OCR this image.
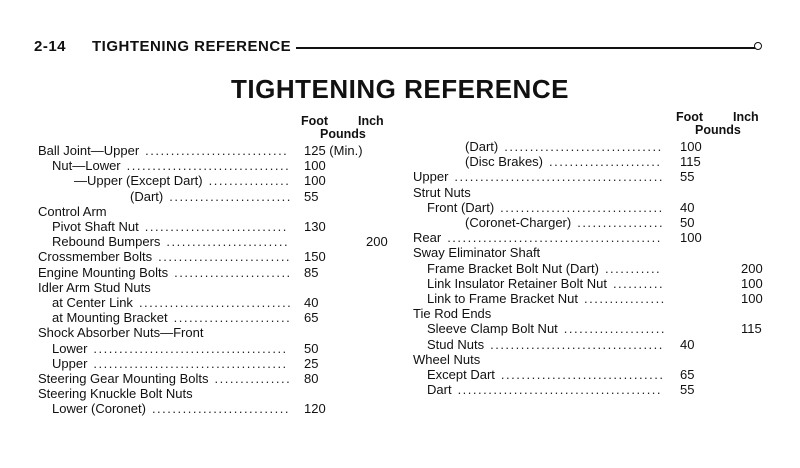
2-14 TIGHTENING REFERENCE
TIGHTENING REFERENCE
Foot Inch
Pounds
Foot Inch
Pounds
Ball Joint—Upper ............................ 125 (Min.)
Nut—Lower ................................ 100
—Upper (Except Dart) ................ 100
(Dart) ........................ 55
Control Arm
Pivot Shaft Nut ............................ 130
Rebound Bumpers ........................	200
Crossmember Bolts .......................... 150
Engine Mounting Bolts ....................... 85
Idler Arm Stud Nuts
at Center Link .............................. 40
at Mounting Bracket ....................... 65
Shock Absorber Nuts—Front
Lower ...................................... 50
Upper ...................................... 25
Steering Gear Mounting Bolts ............... 80
Steering Knuckle Bolt Nuts
Lower (Coronet) ........................... 120
(Dart) ............................... 100
(Disc Brakes) ...................... 115
Upper ......................................... 55
Strut Nuts
Front (Dart) ................................ 40
(Coronet-Charger) ................. 50
Rear .......................................... 100
Sway Eliminator Shaft
Frame Bracket Bolt Nut (Dart) ...........	200
Link Insulator Retainer Bolt Nut ..........	100
Link to Frame Bracket Nut ................	100
Tie Rod Ends
Sleeve Clamp Bolt Nut ....................	115
Stud Nuts .................................. 40
Wheel Nuts
Except Dart ................................ 65
Dart ........................................ 55
